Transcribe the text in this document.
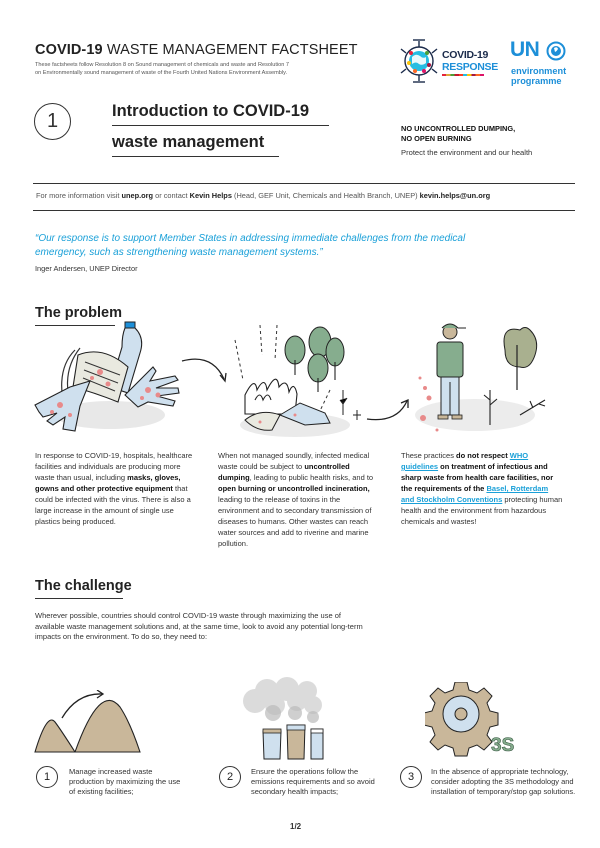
COVID-19 WASTE MANAGEMENT FACTSHEET
These factsheets follow Resolution 8 on Sound management of chemicals and waste and Resolution 7
on Environmentally sound management of waste of the Fourth United Nations Environment Assembly.
COVID-19
RESPONSE
UN
environment
programme
1	Introduction to COVID-19
waste management
NO UNCONTROLLED DUMPING,
NO OPEN BURNING
Protect the environment and our health
For more information visit unep.org or contact Kevin Helps (Head, GEF Unit, Chemicals and Health Branch, UNEP) kevin.helps@un.org
“Our response is to support Member States in addressing immediate challenges from the medical emergency, such as strengthening waste management systems.”
Inger Andersen, UNEP Director
The problem
In response to COVID-19, hospitals, healthcare facilities and individuals are producing more waste than usual, including masks, gloves, gowns and other protective equipment that could be infected with the virus. There is also a large increase in the amount of single use plastics being produced.
When not managed soundly, infected medical waste could be subject to uncontrolled dumping, leading to public health risks, and to open burning or uncontrolled incineration, leading to the release of toxins in the environment and to secondary transmission of diseases to humans. Other wastes can reach water sources and add to riverine and marine pollution.
These practices do not respect WHO guidelines on treatment of infectious and sharp waste from health care facilities, nor the requirements of the Basel, Rotterdam and Stockholm Conventions protecting human health and the environment from hazardous chemicals and wastes!
The challenge
Wherever possible, countries should control COVID-19 waste through maximizing the use of available waste management solutions and, at the same time, look to avoid any potential long-term impacts on the environment. To do so, they need to:
3S
1	Manage increased waste production by maximizing the use of existing facilities;
2	Ensure the operations follow the emissions requirements and so avoid secondary health impacts;
3	In the absence of appropriate technology, consider adopting the 3S methodology and installation of temporary/stop gap solutions.
1/2
